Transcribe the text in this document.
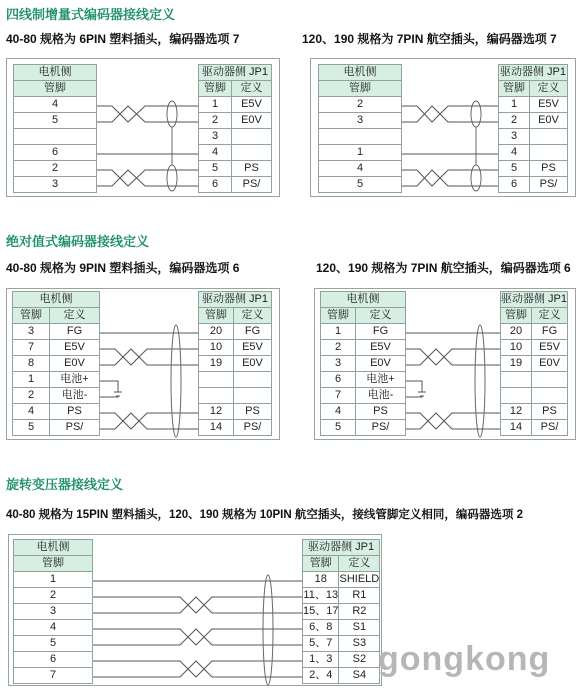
四线制增量式编码器接线定义
40-80 规格为 6PIN 塑料插头，编码器选项 7	120、190 规格为 7PIN 航空插头，编码器选项 7
电机侧
管脚
4
5

6
2
3
驱动器侧 JP1	
管脚	定义
1	E5V
2	E0V
3	
4	
5	PS
6	PS/
电机侧
管脚
2
3

1
4
5
驱动器侧 JP1	
管脚	定义
1	E5V
2	E0V
3	
4	
5	PS
6	PS/
绝对值式编码器接线定义
40-80 规格为 9PIN 塑料插头，编码器选项 6	120、190 规格为 7PIN 航空插头，编码器选项 6
电机侧	
管脚	定义
3	FG
7	E5V
8	E0V
1	电池+
2	电池-
4	PS
5	PS/
驱动器侧 JP1	
管脚	定义
20	FG
10	E5V
19	E0V

12	PS
14	PS/
电机侧	
管脚	定义
1	FG
2	E5V
3	E0V
6	电池+
7	电池-
4	PS
5	PS/
驱动器侧 JP1	
管脚	定义
20	FG
10	E5V
19	E0V

12	PS
14	PS/
旋转变压器接线定义
40-80 规格为 15PIN 塑料插头，120、190 规格为 10PIN 航空插头，接线管脚定义相同，编码器选项 2
电机侧
管脚
1
2
3
4
5
6
7
驱动器侧 JP1	
管脚	定义
18	SHIELD
11、13	R1
15、17	R2
6、8	S1
5、7	S3
1、3	S2
2、4	S4 gongkong
